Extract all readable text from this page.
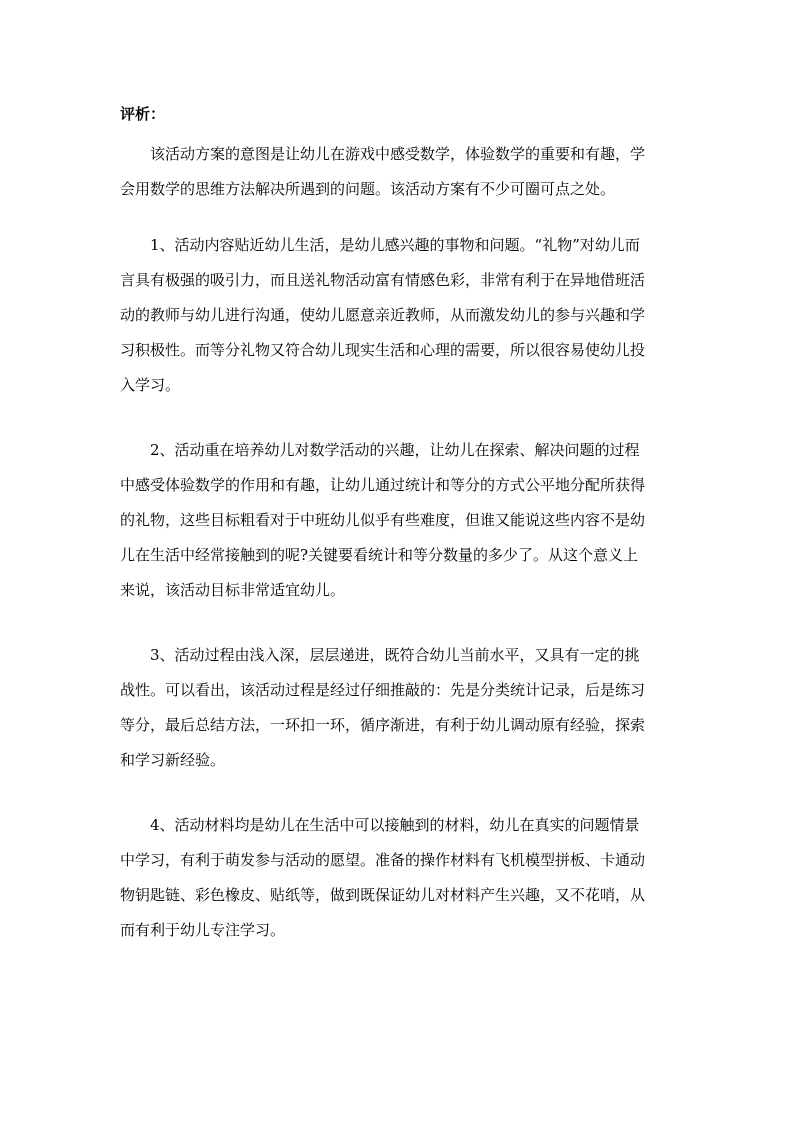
评析：
该活动方案的意图是让幼儿在游戏中感受数学，体验数学的重要和有趣，学
会用数学的思维方法解决所遇到的问题。该活动方案有不少可圈可点之处。
1、活动内容贴近幼儿生活，是幼儿感兴趣的事物和问题。“礼物”对幼儿而
言具有极强的吸引力，而且送礼物活动富有情感色彩，非常有利于在异地借班活
动的教师与幼儿进行沟通，使幼儿愿意亲近教师，从而激发幼儿的参与兴趣和学
习积极性。而等分礼物又符合幼儿现实生活和心理的需要，所以很容易使幼儿投
入学习。
2、活动重在培养幼儿对数学活动的兴趣，让幼儿在探索、解决问题的过程
中感受体验数学的作用和有趣，让幼儿通过统计和等分的方式公平地分配所获得
的礼物，这些目标粗看对于中班幼儿似乎有些难度，但谁又能说这些内容不是幼
儿在生活中经常接触到的呢?关键要看统计和等分数量的多少了。从这个意义上
来说，该活动目标非常适宜幼儿。
3、活动过程由浅入深，层层递进，既符合幼儿当前水平，又具有一定的挑
战性。可以看出，该活动过程是经过仔细推敲的：先是分类统计记录，后是练习
等分，最后总结方法，一环扣一环，循序渐进，有利于幼儿调动原有经验，探索
和学习新经验。
4、活动材料均是幼儿在生活中可以接触到的材料，幼儿在真实的问题情景
中学习，有利于萌发参与活动的愿望。准备的操作材料有飞机模型拼板、卡通动
物钥匙链、彩色橡皮、贴纸等，做到既保证幼儿对材料产生兴趣，又不花哨，从
而有利于幼儿专注学习。
